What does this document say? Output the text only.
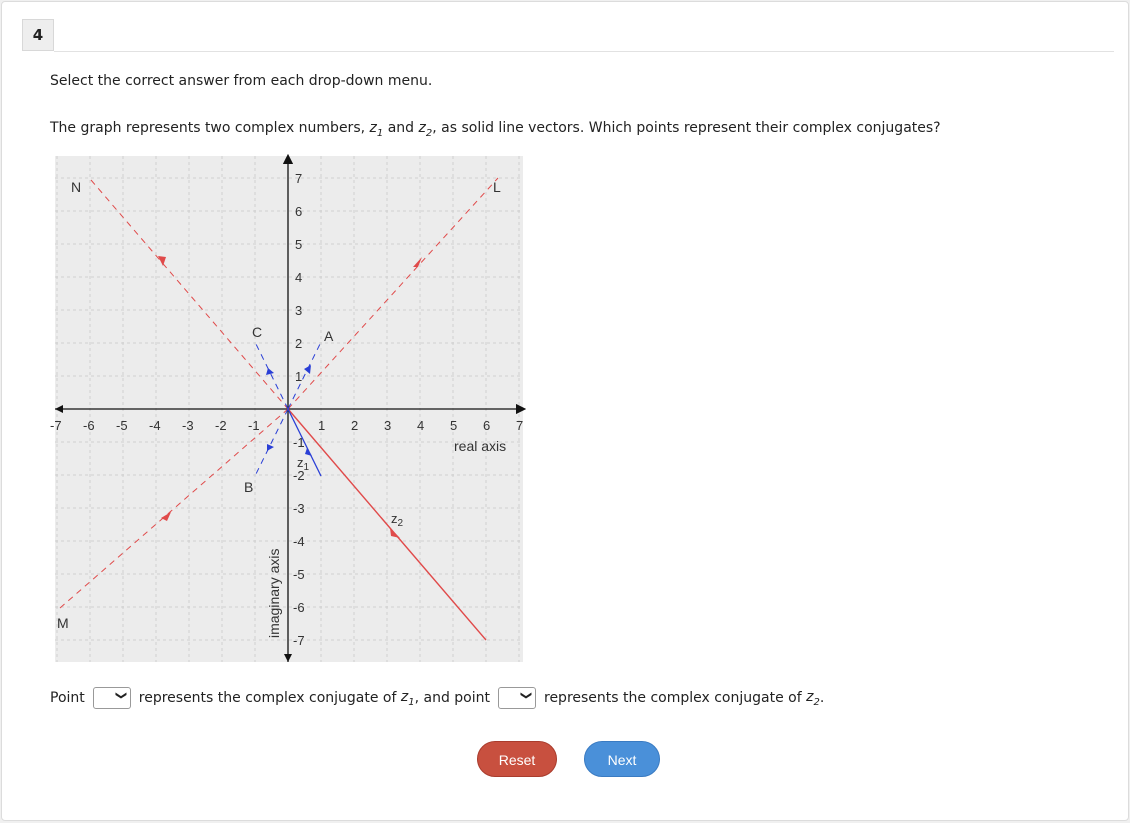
4
Select the correct answer from each drop-down menu.
The graph represents two complex numbers, $z_1$ and $z_2$, as solid line vectors. Which points represent their complex conjugates?
-7 -6 -5 -4 -3 -2 -1	1 2 3 4 5 6 7
7
6
5
4
3
2
1
-1
-2
-3
-4
-5
-6
-7
N	L
C	A
B
M
$z_1$
$z_2$
real axis
imaginary axis
Point	❯ represents the complex conjugate of $z_1$ , and point	❯ represents the complex conjugate of $z_2$ .
Reset	Next
